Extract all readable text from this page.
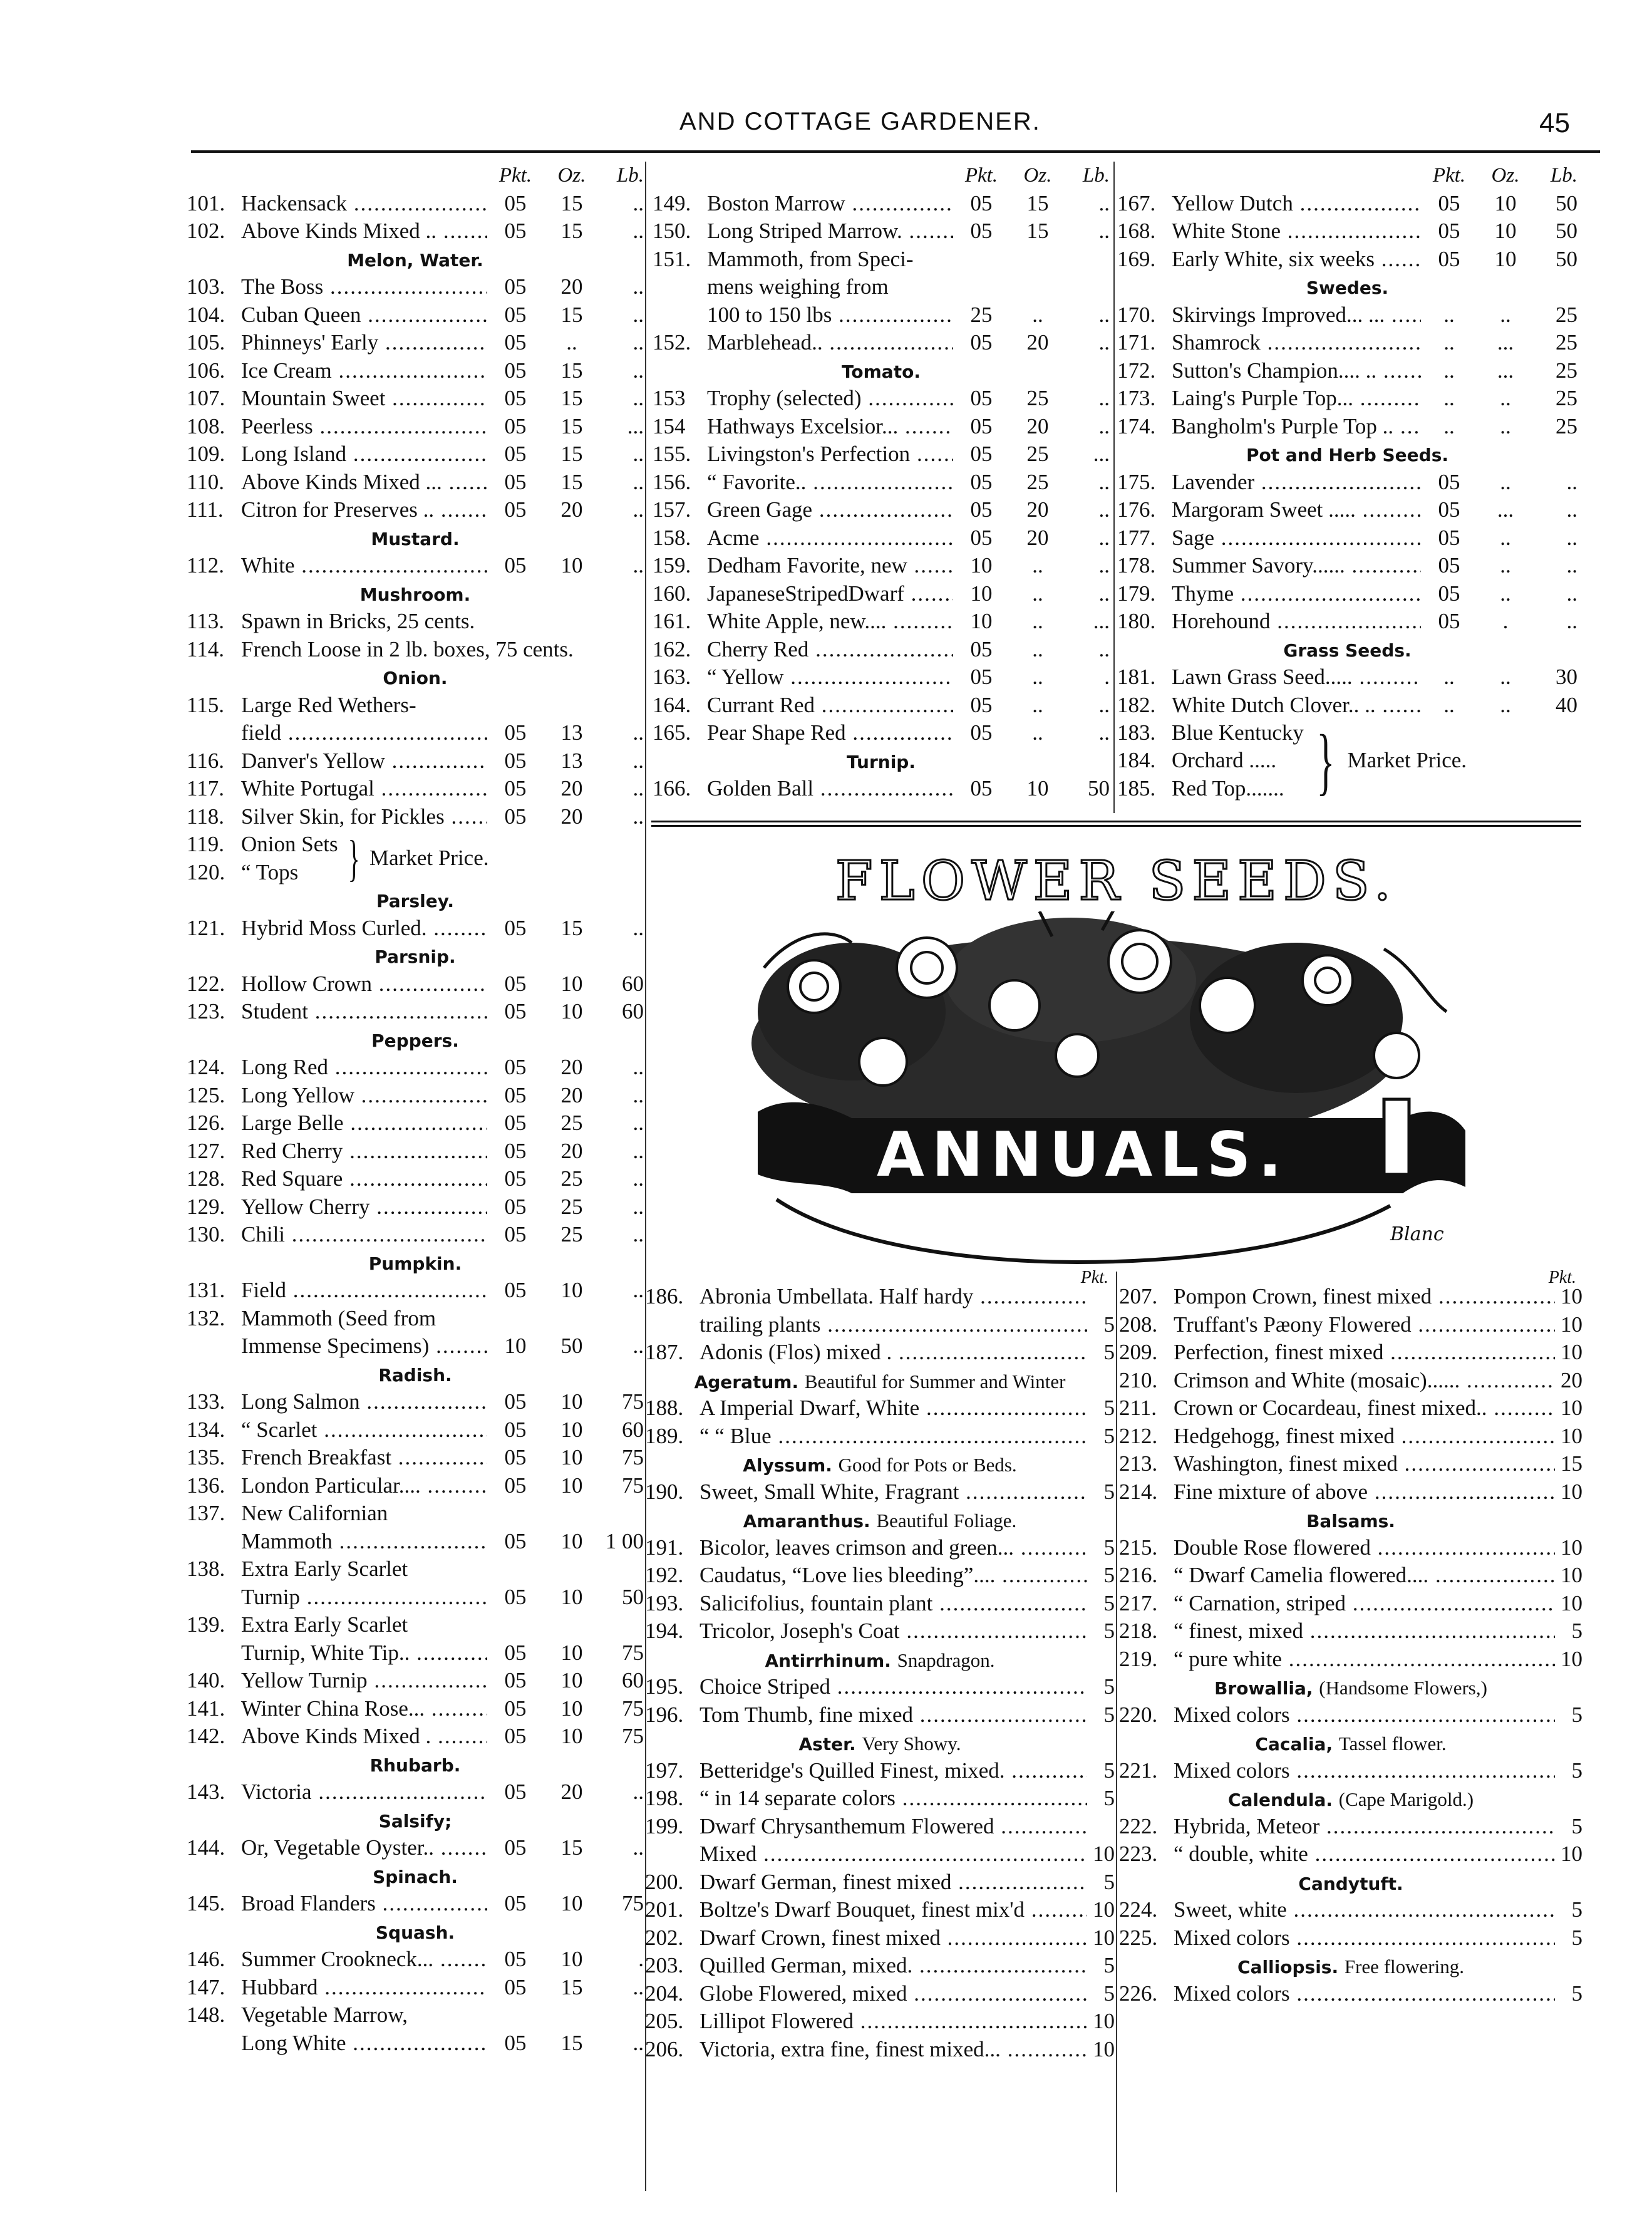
AND COTTAGE GARDENER.	45
Pkt.	Oz.	Lb.
101. Hackensack .....	05	15	..
102. Above Kinds Mixed .. .....	05	15	..
Melon, Water.
103. The Boss .....	05	20	..
104. Cuban Queen .....	05	15	..
105. Phinneys' Early .....	05	..	..
106. Ice Cream .....	05	15	..
107. Mountain Sweet .....	05	15	..
108. Peerless .....	05	15	...
109. Long Island .....	05	15	..
110. Above Kinds Mixed ... .....	05	15	..
111. Citron for Preserves .. .....	05	20	..
Mustard.
112. White .....	05	10	..
Mushroom.
113. Spawn in Bricks, 25 cents.
114. French Loose in 2 lb. boxes, 75 cents.
Onion.
115. Large Red Wethers-
field .....	05	13	..
116. Danver's Yellow .....	05	13	..
117. White Portugal .....	05	20	..
118. Silver Skin, for Pickles .....	05	20	..
119. Onion Sets
120. “ Tops } Market Price.
Parsley.
121. Hybrid Moss Curled. .....	05	15	..
Parsnip.
122. Hollow Crown .....	05	10	60
123. Student .....	05	10	60
Peppers.
124. Long Red .....	05	20	..
125. Long Yellow .....	05	20	..
126. Large Belle .....	05	25	..
127. Red Cherry .....	05	20	..
128. Red Square .....	05	25	..
129. Yellow Cherry .....	05	25	..
130. Chili .....	05	25	..
Pumpkin.
131. Field .....	05	10	..
132. Mammoth (Seed from
Immense Specimens) .....	10	50	..
Radish.
133. Long Salmon .....	05	10	75
134. “ Scarlet .....	05	10	60
135. French Breakfast .....	05	10	75
136. London Particular.... .....	05	10	75
137. New Californian
Mammoth .....	05	10	1 00
138. Extra Early Scarlet
Turnip .....	05	10	50
139. Extra Early Scarlet
Turnip, White Tip.. .....	05	10	75
140. Yellow Turnip .....	05	10	60
141. Winter China Rose... .....	05	10	75
142. Above Kinds Mixed . .....	05	10	75
Rhubarb.
143. Victoria .....	05	20	..
Salsify;
144. Or, Vegetable Oyster.. .....	05	15	..
Spinach.
145. Broad Flanders .....	05	10	75
Squash.
146. Summer Crookneck... .....	05	10	.
147. Hubbard .....	05	15	..
148. Vegetable Marrow,
Long White .....	05	15	..
Pkt.	Oz.	Lb.
149. Boston Marrow .....	05	15	..
150. Long Striped Marrow. .....	05	15	..
151. Mammoth, from Speci-
mens weighing from
100 to 150 lbs .....	25	..	..
152. Marblehead.. .....	05	20	..
Tomato.
153 Trophy (selected) .....	05	25	..
154 Hathways Excelsior... .....	05	20	..
155. Livingston's Perfection .....	05	25	...
156. “ Favorite.. .....	05	25	..
157. Green Gage .....	05	20	..
158. Acme .....	05	20	..
159. Dedham Favorite, new .....	10	..	..
160. JapaneseStripedDwarf .....	10	..	..
161. White Apple, new.... .....	10	..	...
162. Cherry Red .....	05	..	..
163. “ Yellow .....	05	..	.
164. Currant Red .....	05	..	..
165. Pear Shape Red .....	05	..	..
Turnip.
166. Golden Ball .....	05	10	50
Pkt.	Oz.	Lb.
167. Yellow Dutch .....	05	10	50
168. White Stone .....	05	10	50
169. Early White, six weeks .....	05	10	50
Swedes.
170. Skirvings Improved... ... .....	..	..	25
171. Shamrock .....	..	...	25
172. Sutton's Champion.... .. .....	..	...	25
173. Laing's Purple Top... .....	..	..	25
174. Bangholm's Purple Top .. .....	..	..	25
Pot and Herb Seeds.
175. Lavender .....	05	..	..
176. Margoram Sweet ..... .....	05	...	..
177. Sage .....	05	..	..
178. Summer Savory...... .....	05	..	..
179. Thyme .....	05	..	..
180. Horehound .....	05	.	..
Grass Seeds.
181. Lawn Grass Seed..... .....	..	..	30
182. White Dutch Clover.. .. .....	..	..	40
183. Blue Kentucky
184. Orchard .....
185. Red Top....... } Market Price.
FLOWER SEEDS.
ANNUALS.
Blanc
Pkt.
186. Abronia Umbellata. Half hardy .....
trailing plants .....	5
187. Adonis (Flos) mixed . .....	5
Ageratum. Beautiful for Summer and Winter
188. A Imperial Dwarf, White .....	5
189. “ “ Blue .....	5
Alyssum. Good for Pots or Beds.
190. Sweet, Small White, Fragrant .....	5
Amaranthus. Beautiful Foliage.
191. Bicolor, leaves crimson and green... .....	5
192. Caudatus, “Love lies bleeding”.... .....	5
193. Salicifolius, fountain plant .....	5
194. Tricolor, Joseph's Coat .....	5
Antirrhinum. Snapdragon.
195. Choice Striped .....	5
196. Tom Thumb, fine mixed .....	5
Aster. Very Showy.
197. Betteridge's Quilled Finest, mixed. .....	5
198. “ in 14 separate colors .....	5
199. Dwarf Chrysanthemum Flowered .....
Mixed .....	10
200. Dwarf German, finest mixed .....	5
201. Boltze's Dwarf Bouquet, finest mix'd .....	10
202. Dwarf Crown, finest mixed .....	10
203. Quilled German, mixed. .....	5
204. Globe Flowered, mixed .....	5
205. Lillipot Flowered .....	10
206. Victoria, extra fine, finest mixed... .....	10
Pkt.
207. Pompon Crown, finest mixed .....	10
208. Truffant's Pæony Flowered .....	10
209. Perfection, finest mixed .....	10
210. Crimson and White (mosaic)...... .....	20
211. Crown or Cocardeau, finest mixed.. .....	10
212. Hedgehogg, finest mixed .....	10
213. Washington, finest mixed .....	15
214. Fine mixture of above .....	10
Balsams.
215. Double Rose flowered .....	10
216. “ Dwarf Camelia flowered.... .....	10
217. “ Carnation, striped .....	10
218. “ finest, mixed .....	5
219. “ pure white .....	10
Browallia, (Handsome Flowers,)
220. Mixed colors .....	5
Cacalia, Tassel flower.
221. Mixed colors .....	5
Calendula. (Cape Marigold.)
222. Hybrida, Meteor .....	5
223. “ double, white .....	10
Candytuft.
224. Sweet, white .....	5
225. Mixed colors .....	5
Calliopsis. Free flowering.
226. Mixed colors .....	5
